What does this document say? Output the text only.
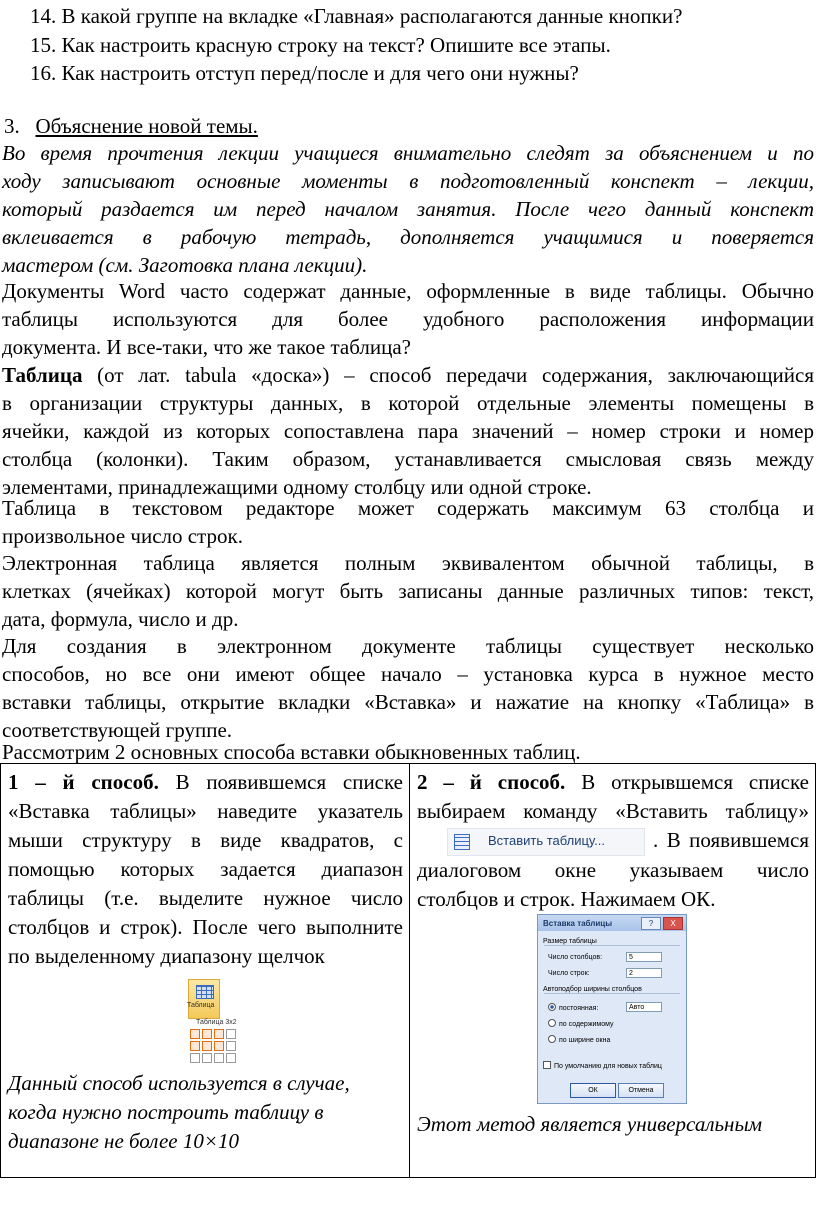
14. В какой группе на вкладке «Главная» располагаются данные кнопки?
15. Как настроить красную строку на текст? Опишите все этапы.
16. Как настроить отступ перед/после и для чего они нужны?
3. Объяснение новой темы.
Во время прочтения лекции учащиеся внимательно следят за объяснением и по
ходу записывают основные моменты в подготовленный конспект – лекции,
который раздается им перед началом занятия. После чего данный конспект
вклеивается в рабочую тетрадь, дополняется учащимися и поверяется
мастером (см. Заготовка плана лекции).
Документы Word часто содержат данные, оформленные в виде таблицы. Обычно
таблицы используются для более удобного расположения информации
документа. И все-таки, что же такое таблица?
Таблица (от лат. tabula «доска») – способ передачи содержания, заключающийся
в организации структуры данных, в которой отдельные элементы помещены в
ячейки, каждой из которых сопоставлена пара значений – номер строки и номер
столбца (колонки). Таким образом, устанавливается смысловая связь между
элементами, принадлежащими одному столбцу или одной строке.
Таблица в текстовом редакторе может содержать максимум 63 столбца и
произвольное число строк.
Электронная таблица является полным эквивалентом обычной таблицы, в
клетках (ячейках) которой могут быть записаны данные различных типов: текст,
дата, формула, число и др.
Для создания в электронном документе таблицы существует несколько
способов, но все они имеют общее начало – установка курса в нужное место
вставки таблицы, открытие вкладки «Вставка» и нажатие на кнопку «Таблица» в
соответствующей группе.
Рассмотрим 2 основных способа вставки обыкновенных таблиц.
1 – й способ. В появившемся списке «Вставка таблицы» наведите указатель мыши структуру в виде квадратов, с помощью которых задается диапазон таблицы (т.е. выделите нужное число столбцов и строк). После чего выполните по выделенному диапазону щелчок
Таблица
Таблица 3x2
Данный способ используется в случае, когда нужно построить таблицу в диапазоне не более 10×10

2 – й способ. В открывшемся списке выбираем команду «Вставить таблицу»
Вставить таблицу... . В появившемся диалоговом окне указываем число столбцов и строк. Нажимаем ОК.
Вставка таблицы	? X
Размер таблицы
Число столбцов:	5
Число строк:	2
Автоподбор ширины столбцов
постоянная:	Авто
по содержимому
по ширине окна
По умолчанию для новых таблиц
ОК	Отмена
Этот метод является универсальным
